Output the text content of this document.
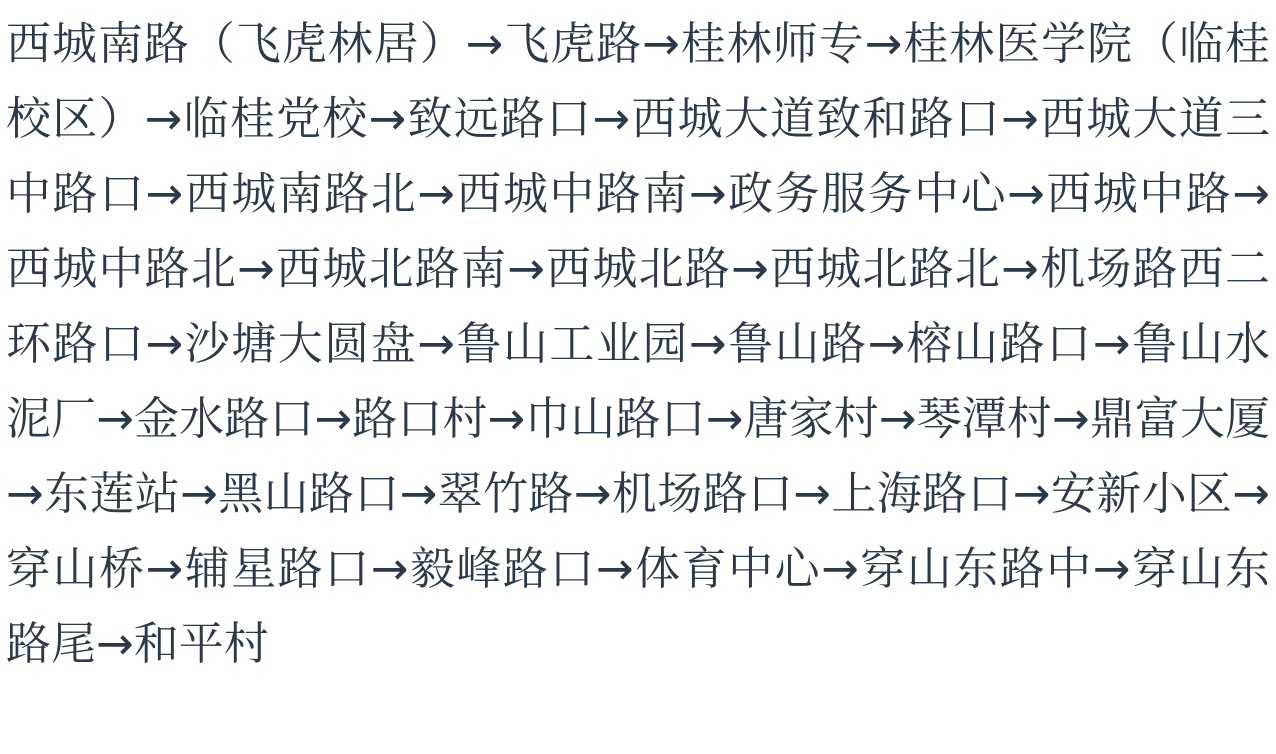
西城南路（飞虎林居）→飞虎路→桂林师专→桂林医学院（临桂校区）→临桂党校→致远路口→西城大道致和路口→西城大道三中路口→西城南路北→西城中路南→政务服务中心→西城中路→西城中路北→西城北路南→西城北路→西城北路北→机场路西二环路口→沙塘大圆盘→鲁山工业园→鲁山路→榕山路口→鲁山水泥厂→金水路口→路口村→巾山路口→唐家村→琴潭村→鼎富大厦→东莲站→黑山路口→翠竹路→机场路口→上海路口→安新小区→穿山桥→辅星路口→毅峰路口→体育中心→穿山东路中→穿山东路尾→和平村
